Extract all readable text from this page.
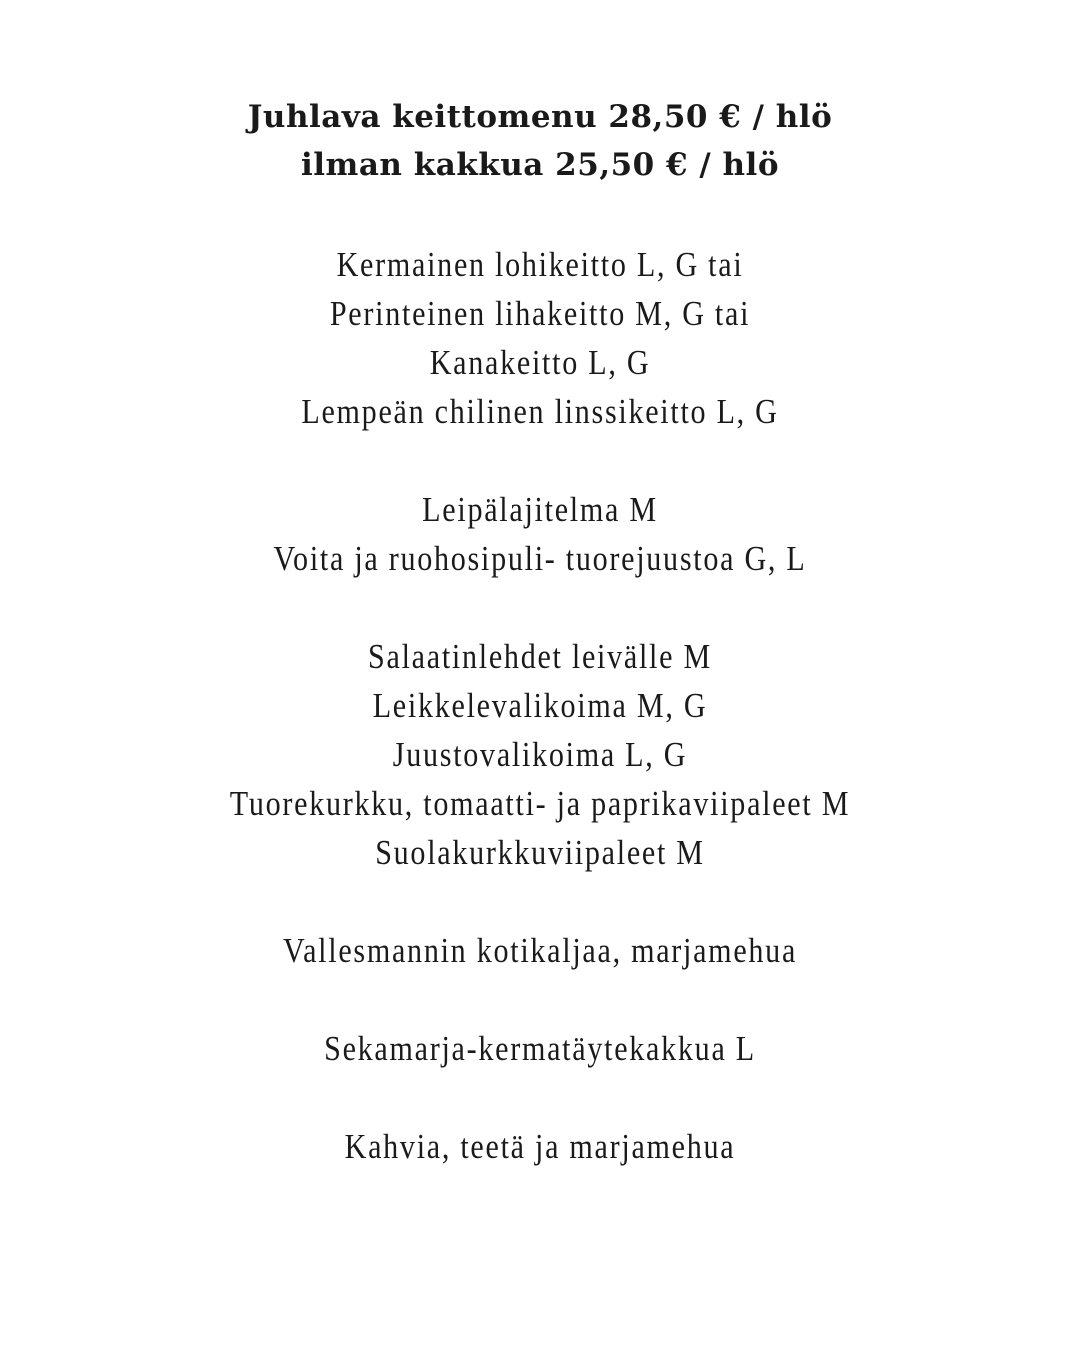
Juhlava keittomenu 28,50 € / hlö
ilman kakkua 25,50 € / hlö
Kermainen lohikeitto L, G tai
Perinteinen lihakeitto M, G tai
Kanakeitto L, G
Lempeän chilinen linssikeitto L, G
Leipälajitelma M
Voita ja ruohosipuli- tuorejuustoa G, L
Salaatinlehdet leivälle M
Leikkelevalikoima M, G
Juustovalikoima L, G
Tuorekurkku, tomaatti- ja paprikaviipaleet M
Suolakurkkuviipaleet M
Vallesmannin kotikaljaa, marjamehua
Sekamarja-kermatäytekakkua L
Kahvia, teetä ja marjamehua
